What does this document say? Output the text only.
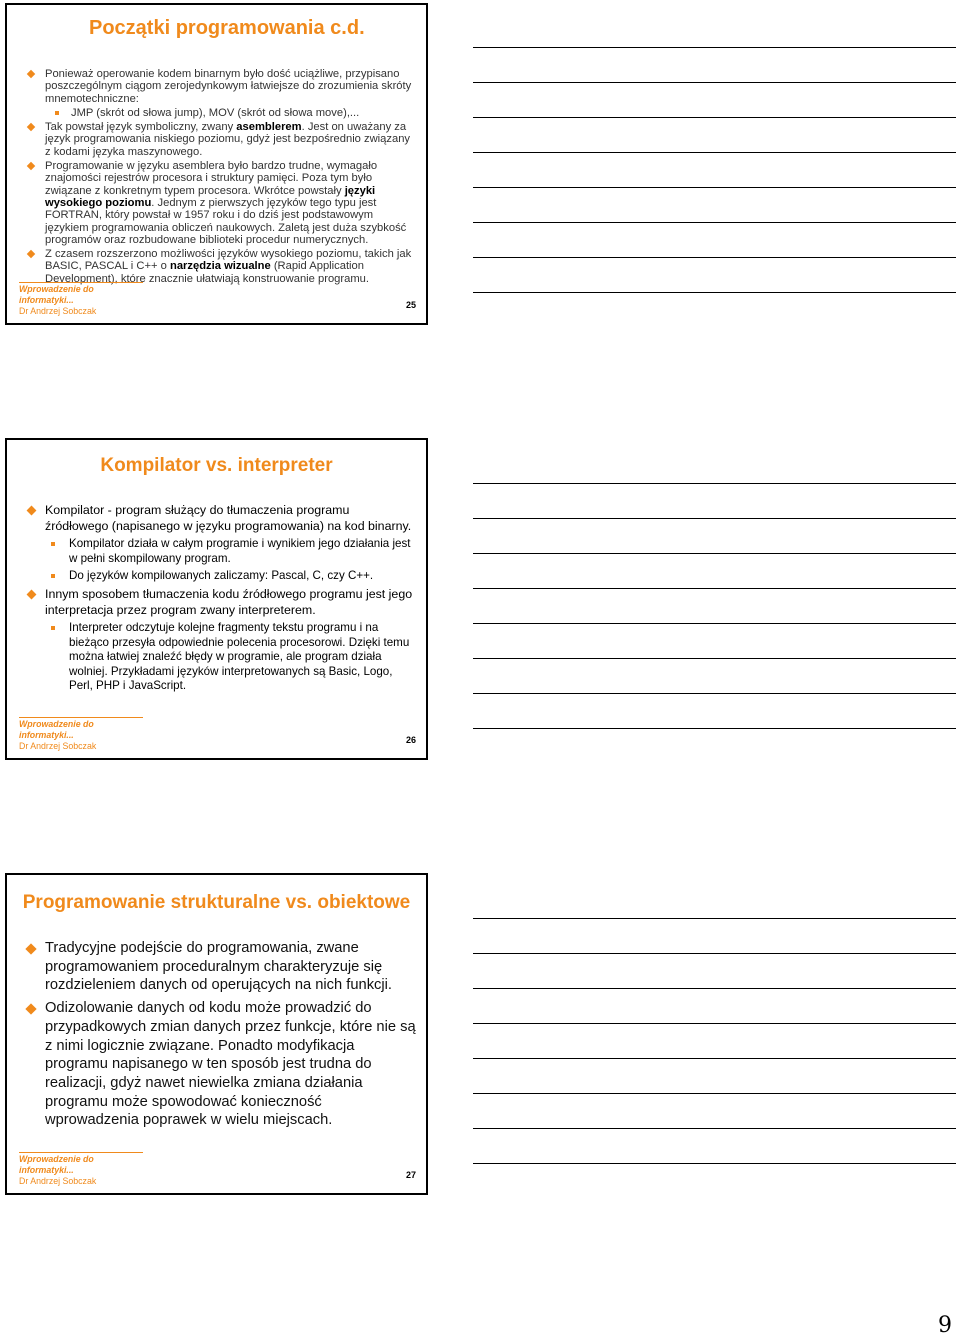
Początki programowania c.d.
Ponieważ operowanie kodem binarnym było dość uciążliwe, przypisano poszczególnym ciągom zerojedynkowym łatwiejsze do zrozumienia skróty mnemotechniczne:
JMP (skrót od słowa jump), MOV (skrót od słowa move),...
Tak powstał język symboliczny, zwany asemblerem. Jest on uważany za język programowania niskiego poziomu, gdyż jest bezpośrednio związany z kodami języka maszynowego.
Programowanie w języku asemblera było bardzo trudne, wymagało znajomości rejestrów procesora i struktury pamięci. Poza tym było związane z konkretnym typem procesora. Wkrótce powstały języki wysokiego poziomu. Jednym z pierwszych języków tego typu jest FORTRAN, który powstał w 1957 roku i do dziś jest podstawowym językiem programowania obliczeń naukowych. Zaletą jest duża szybkość programów oraz rozbudowane biblioteki procedur numerycznych.
Z czasem rozszerzono możliwości języków wysokiego poziomu, takich jak BASIC, PASCAL i C++ o narzędzia wizualne (Rapid Application Development), które znacznie ułatwiają konstruowanie programu.
Wprowadzenie do informatyki...
Dr Andrzej Sobczak
25
Kompilator vs. interpreter
Kompilator - program służący do tłumaczenia programu źródłowego (napisanego w języku programowania) na kod binarny.
Kompilator działa w całym programie i wynikiem jego działania jest w pełni skompilowany program.
Do języków kompilowanych zaliczamy: Pascal, C, czy C++.
Innym sposobem tłumaczenia kodu źródłowego programu jest jego interpretacja przez program zwany interpreterem.
Interpreter odczytuje kolejne fragmenty tekstu programu i na bieżąco przesyła odpowiednie polecenia procesorowi. Dzięki temu można łatwiej znaleźć błędy w programie, ale program działa wolniej. Przykładami języków interpretowanych są Basic, Logo, Perl, PHP i JavaScript.
Wprowadzenie do informatyki...
Dr Andrzej Sobczak
26
Programowanie strukturalne vs. obiektowe
Tradycyjne podejście do programowania, zwane programowaniem proceduralnym charakteryzuje się rozdzieleniem danych od operujących na nich funkcji.
Odizolowanie danych od kodu może prowadzić do przypadkowych zmian danych przez funkcje, które nie są z nimi logicznie związane. Ponadto modyfikacja programu napisanego w ten sposób jest trudna do realizacji, gdyż nawet niewielka zmiana działania programu może spowodować konieczność wprowadzenia poprawek w wielu miejscach.
Wprowadzenie do informatyki...
Dr Andrzej Sobczak
27
9
